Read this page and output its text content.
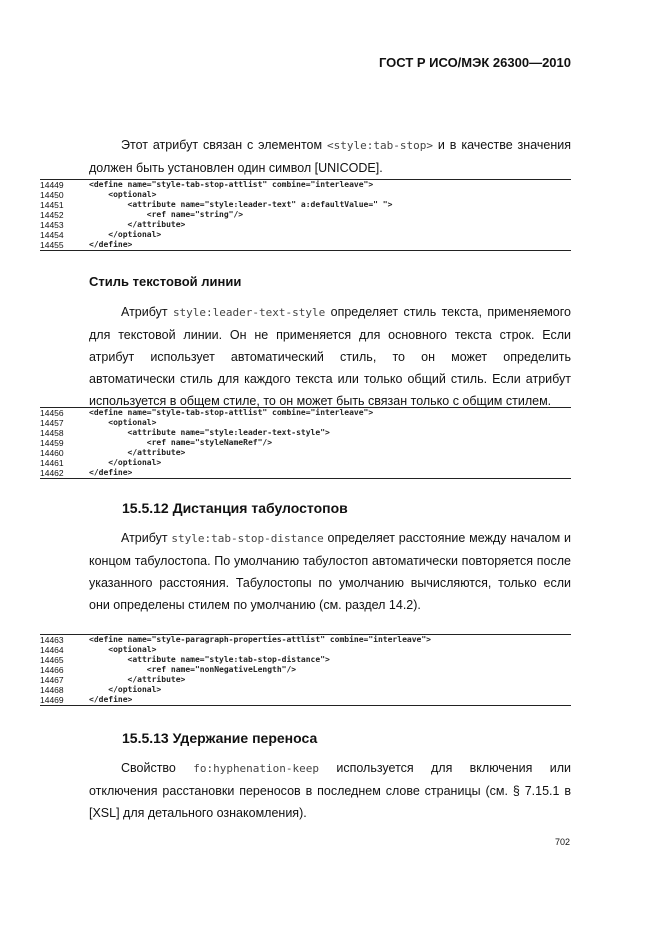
ГОСТ Р ИСО/МЭК 26300—2010

Этот атрибут связан с элементом <style:tab-stop> и в качестве значения должен быть установлен один символ [UNICODE].

14449	<define name="style-tab-stop-attlist" combine="interleave">
14450	<optional>
14451	<attribute name="style:leader-text" a:defaultValue=" ">
14452	<ref name="string"/>
14453	</attribute>
14454	</optional>
14455	</define>
Стиль текстовой линии

Атрибут style:leader-text-style определяет стиль текста, применяемого для текстовой линии. Он не применяется для основного текста строк. Если атрибут использует автоматический стиль, то он может определить автоматически стиль для каждого текста или только общий стиль. Если атрибут используется в общем стиле, то он может быть связан только с общим стилем.

14456	<define name="style-tab-stop-attlist" combine="interleave">
14457	<optional>
14458	<attribute name="style:leader-text-style">
14459	<ref name="styleNameRef"/>
14460	</attribute>
14461	</optional>
14462	</define>
15.5.12 Дистанция табулостопов

Атрибут style:tab-stop-distance определяет расстояние между началом и концом табулостопа. По умолчанию табулостоп автоматически повторяется после указанного расстояния. Табулостопы по умолчанию вычисляются, только если они определены стилем по умолчанию (см. раздел 14.2).

14463	<define name="style-paragraph-properties-attlist" combine="interleave">
14464	<optional>
14465	<attribute name="style:tab-stop-distance">
14466	<ref name="nonNegativeLength"/>
14467	</attribute>
14468	</optional>
14469	</define>
15.5.13 Удержание переноса

Свойство fo:hyphenation-keep используется для включения или отключения расстановки переносов в последнем слове страницы (см. § 7.15.1 в [XSL] для детального ознакомления).

702
